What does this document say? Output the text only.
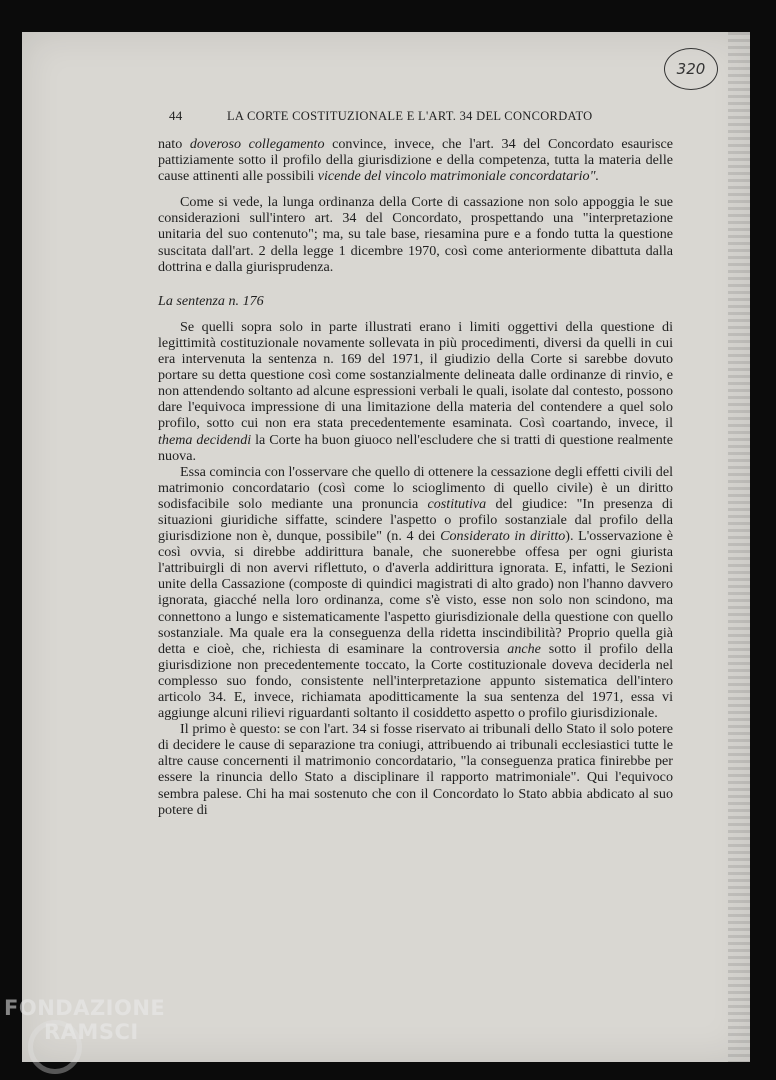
320
44	LA CORTE COSTITUZIONALE E L'ART. 34 DEL CONCORDATO

nato doveroso collegamento convince, invece, che l'art. 34 del Concordato esaurisce pattiziamente sotto il profilo della giurisdizione e della competenza, tutta la materia delle cause attinenti alle possibili vicende del vincolo matrimoniale concordatario".

Come si vede, la lunga ordinanza della Corte di cassazione non solo appoggia le sue considerazioni sull'intero art. 34 del Concordato, prospettando una "interpretazione unitaria del suo contenuto"; ma, su tale base, riesamina pure e a fondo tutta la questione suscitata dall'art. 2 della legge 1 dicembre 1970, così come anteriormente dibattuta dalla dottrina e dalla giurisprudenza.

La sentenza n. 176

Se quelli sopra solo in parte illustrati erano i limiti oggettivi della questione di legittimità costituzionale novamente sollevata in più procedimenti, diversi da quelli in cui era intervenuta la sentenza n. 169 del 1971, il giudizio della Corte si sarebbe dovuto portare su detta questione così come sostanzialmente delineata dalle ordinanze di rinvio, e non attendendo soltanto ad alcune espressioni verbali le quali, isolate dal contesto, possono dare l'equivoca impressione di una limitazione della materia del contendere a quel solo profilo, sotto cui non era stata precedentemente esaminata. Così coartando, invece, il thema decidendi la Corte ha buon giuoco nell'escludere che si tratti di questione realmente nuova.

Essa comincia con l'osservare che quello di ottenere la cessazione degli effetti civili del matrimonio concordatario (così come lo scioglimento di quello civile) è un diritto sodisfacibile solo mediante una pronuncia costitutiva del giudice: "In presenza di situazioni giuridiche siffatte, scindere l'aspetto o profilo sostanziale dal profilo della giurisdizione non è, dunque, possibile" (n. 4 dei Considerato in diritto). L'osservazione è così ovvia, si direbbe addirittura banale, che suonerebbe offesa per ogni giurista l'attribuirgli di non avervi riflettuto, o d'averla addirittura ignorata. E, infatti, le Sezioni unite della Cassazione (composte di quindici magistrati di alto grado) non l'hanno davvero ignorata, giacché nella loro ordinanza, come s'è visto, esse non solo non scindono, ma connettono a lungo e sistematicamente l'aspetto giurisdizionale della questione con quello sostanziale. Ma quale era la conseguenza della ridetta inscindibilità? Proprio quella già detta e cioè, che, richiesta di esaminare la controversia anche sotto il profilo della giurisdizione non precedentemente toccato, la Corte costituzionale doveva deciderla nel complesso suo fondo, consistente nell'interpretazione appunto sistematica dell'intero articolo 34. E, invece, richiamata apoditticamente la sua sentenza del 1971, essa vi aggiunge alcuni rilievi riguardanti soltanto il cosiddetto aspetto o profilo giurisdizionale.

Il primo è questo: se con l'art. 34 si fosse riservato ai tribunali dello Stato il solo potere di decidere le cause di separazione tra coniugi, attribuendo ai tribunali ecclesiastici tutte le altre cause concernenti il matrimonio concordatario, "la conseguenza pratica finirebbe per essere la rinuncia dello Stato a disciplinare il rapporto matrimoniale". Qui l'equivoco sembra palese. Chi ha mai sostenuto che con il Concordato lo Stato abbia abdicato al suo potere di

FONDAZIONE
RAMSCI
